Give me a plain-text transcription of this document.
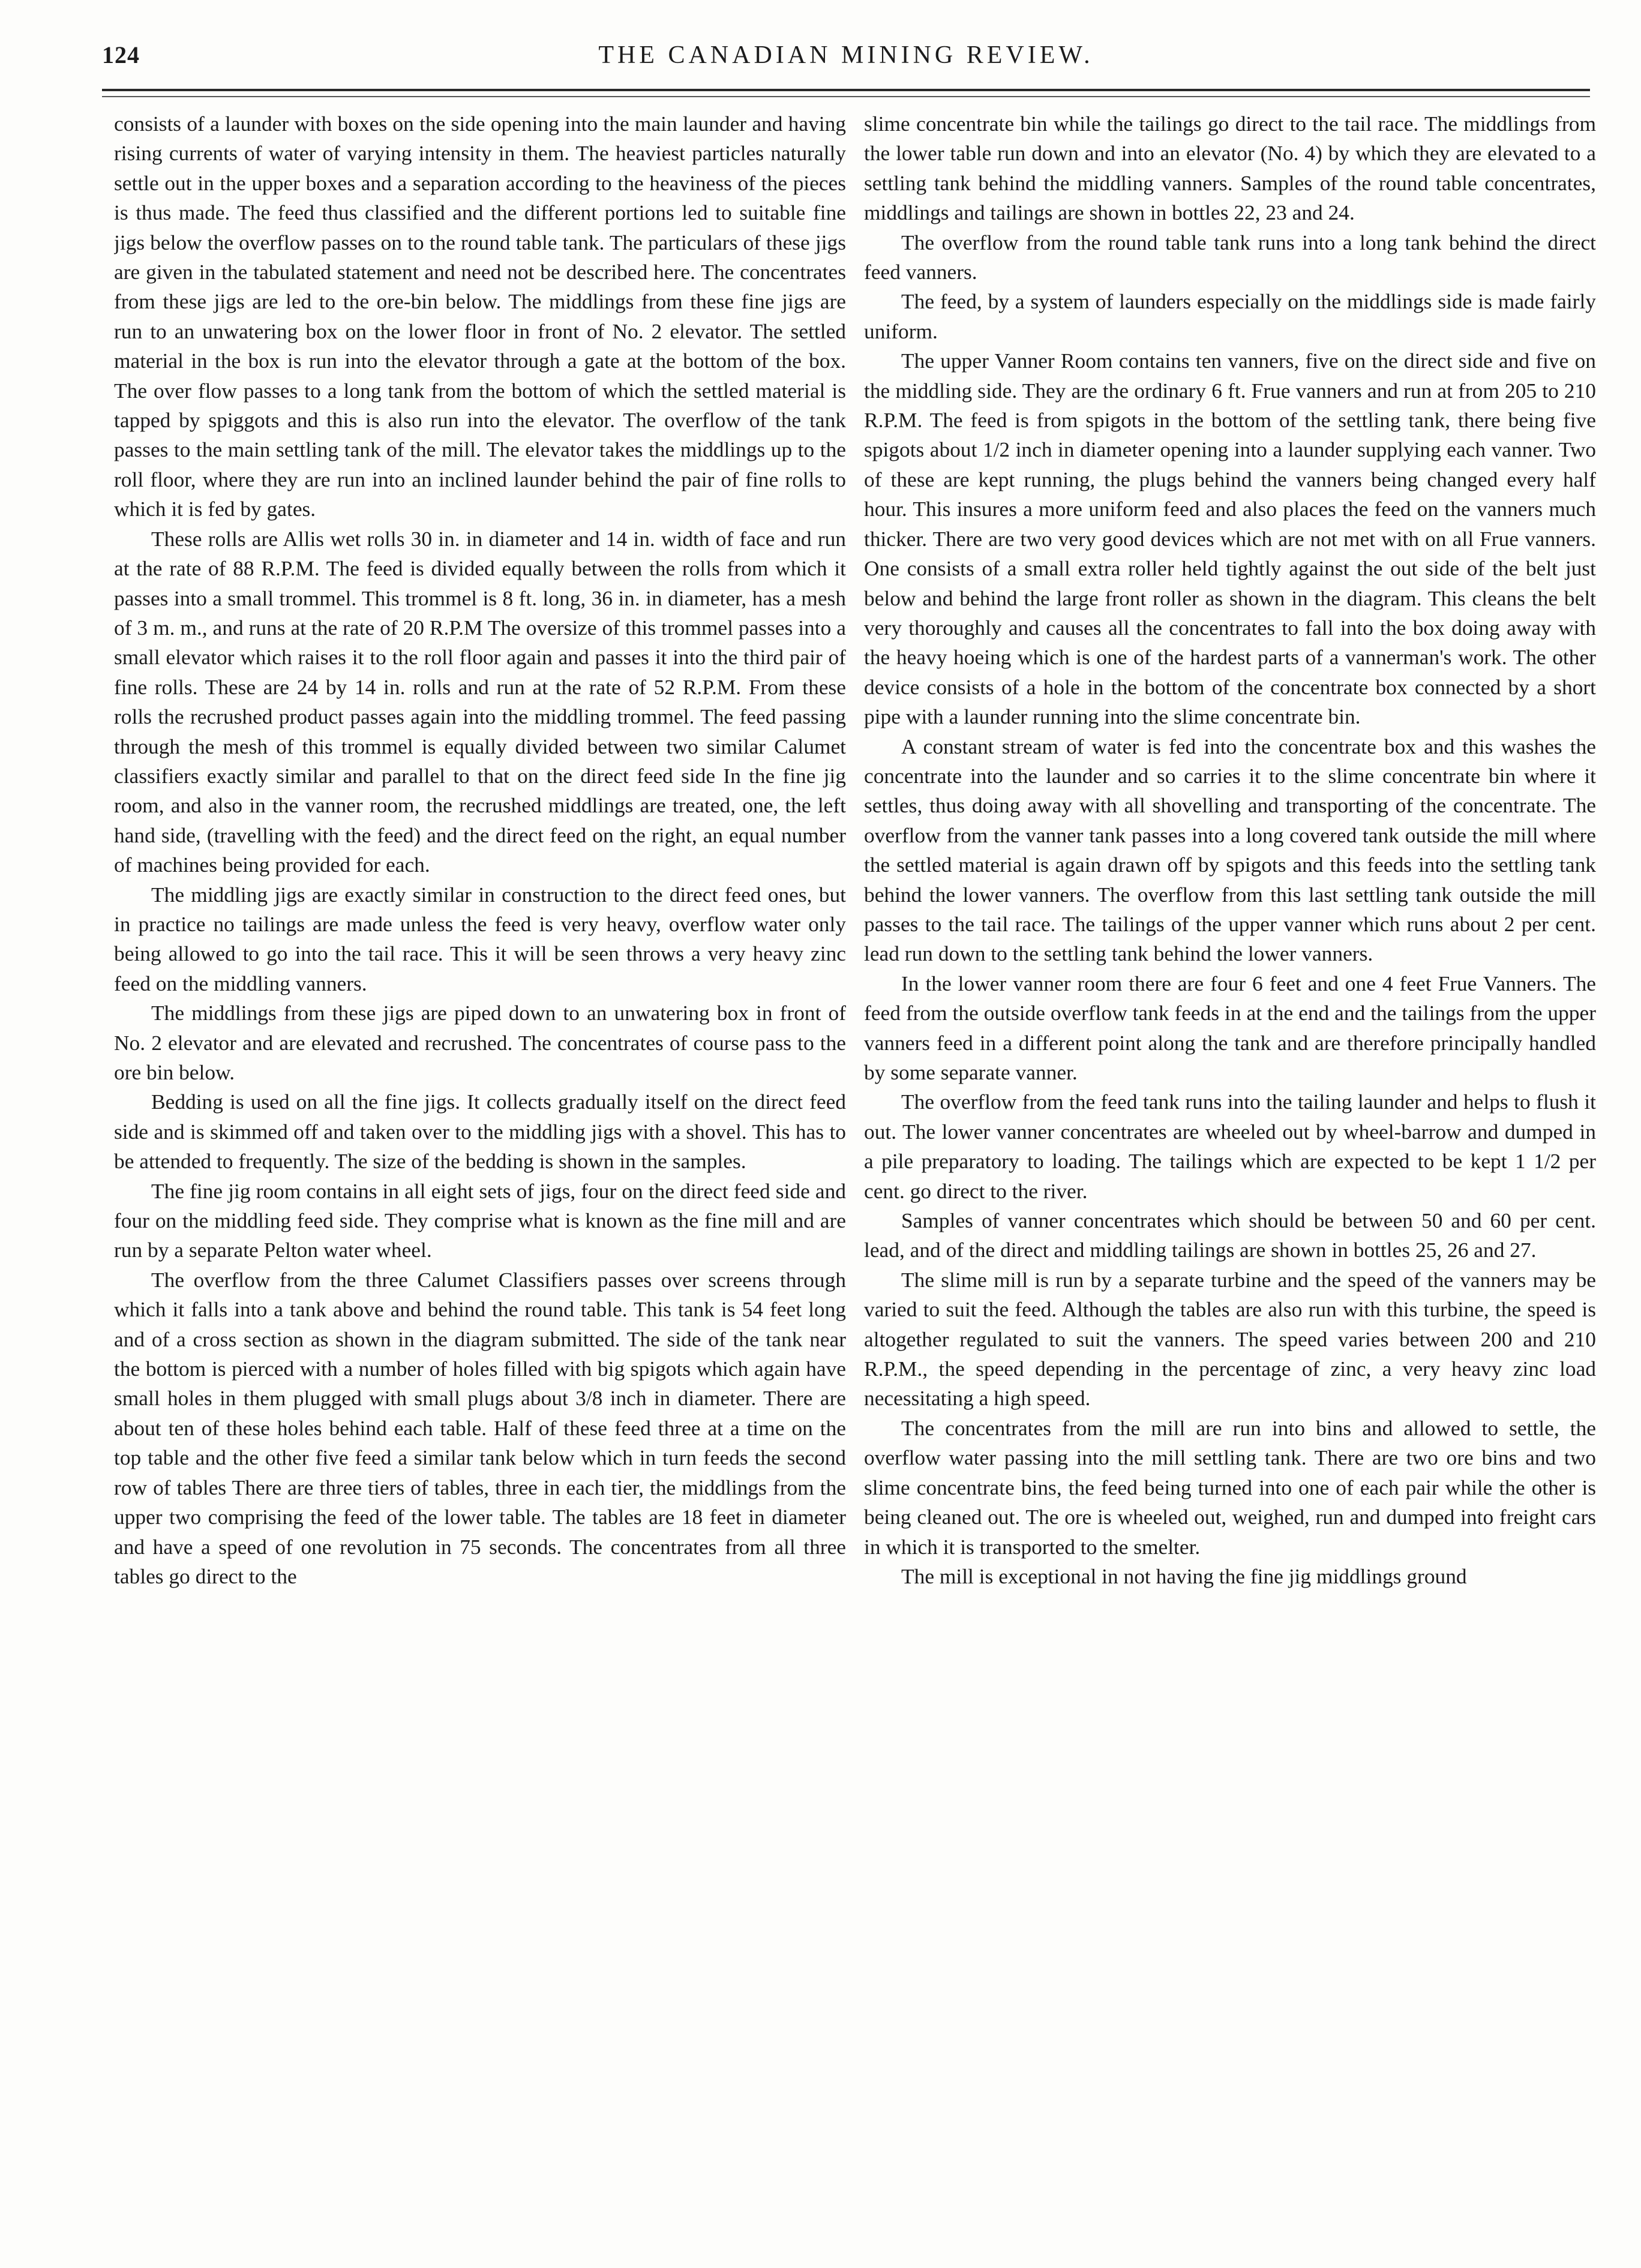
124	THE CANADIAN MINING REVIEW.

consists of a launder with boxes on the side opening into the main launder and having rising currents of water of varying intensity in them. The heaviest particles naturally settle out in the upper boxes and a separation according to the heaviness of the pieces is thus made. The feed thus classified and the different portions led to suitable fine jigs below the overflow passes on to the round table tank. The particulars of these jigs are given in the tabulated statement and need not be described here. The concentrates from these jigs are led to the ore-bin below. The middlings from these fine jigs are run to an unwatering box on the lower floor in front of No. 2 elevator. The settled material in the box is run into the elevator through a gate at the bottom of the box. The over flow passes to a long tank from the bottom of which the settled material is tapped by spiggots and this is also run into the elevator. The overflow of the tank passes to the main settling tank of the mill. The elevator takes the middlings up to the roll floor, where they are run into an inclined launder behind the pair of fine rolls to which it is fed by gates.

These rolls are Allis wet rolls 30 in. in diameter and 14 in. width of face and run at the rate of 88 R.P.M. The feed is divided equally between the rolls from which it passes into a small trommel. This trommel is 8 ft. long, 36 in. in diameter, has a mesh of 3 m. m., and runs at the rate of 20 R.P.M The oversize of this trommel passes into a small elevator which raises it to the roll floor again and passes it into the third pair of fine rolls. These are 24 by 14 in. rolls and run at the rate of 52 R.P.M. From these rolls the recrushed product passes again into the middling trommel. The feed passing through the mesh of this trommel is equally divided between two similar Calumet classifiers exactly similar and parallel to that on the direct feed side In the fine jig room, and also in the vanner room, the recrushed middlings are treated, one, the left hand side, (travelling with the feed) and the direct feed on the right, an equal number of machines being provided for each.

The middling jigs are exactly similar in construction to the direct feed ones, but in practice no tailings are made unless the feed is very heavy, overflow water only being allowed to go into the tail race. This it will be seen throws a very heavy zinc feed on the middling vanners.

The middlings from these jigs are piped down to an unwatering box in front of No. 2 elevator and are elevated and recrushed. The concentrates of course pass to the ore bin below.

Bedding is used on all the fine jigs. It collects gradually itself on the direct feed side and is skimmed off and taken over to the middling jigs with a shovel. This has to be attended to frequently. The size of the bedding is shown in the samples.

The fine jig room contains in all eight sets of jigs, four on the direct feed side and four on the middling feed side. They comprise what is known as the fine mill and are run by a separate Pelton water wheel.

The overflow from the three Calumet Classifiers passes over screens through which it falls into a tank above and behind the round table. This tank is 54 feet long and of a cross section as shown in the diagram submitted. The side of the tank near the bottom is pierced with a number of holes filled with big spigots which again have small holes in them plugged with small plugs about 3/8 inch in diameter. There are about ten of these holes behind each table. Half of these feed three at a time on the top table and the other five feed a similar tank below which in turn feeds the second row of tables There are three tiers of tables, three in each tier, the middlings from the upper two comprising the feed of the lower table. The tables are 18 feet in diameter and have a speed of one revolution in 75 seconds. The concentrates from all three tables go direct to the

slime concentrate bin while the tailings go direct to the tail race. The middlings from the lower table run down and into an elevator (No. 4) by which they are elevated to a settling tank behind the middling vanners. Samples of the round table concentrates, middlings and tailings are shown in bottles 22, 23 and 24.

The overflow from the round table tank runs into a long tank behind the direct feed vanners.

The feed, by a system of launders especially on the middlings side is made fairly uniform.

The upper Vanner Room contains ten vanners, five on the direct side and five on the middling side. They are the ordinary 6 ft. Frue vanners and run at from 205 to 210 R.P.M. The feed is from spigots in the bottom of the settling tank, there being five spigots about 1/2 inch in diameter opening into a launder supplying each vanner. Two of these are kept running, the plugs behind the vanners being changed every half hour. This insures a more uniform feed and also places the feed on the vanners much thicker. There are two very good devices which are not met with on all Frue vanners. One consists of a small extra roller held tightly against the out side of the belt just below and behind the large front roller as shown in the diagram. This cleans the belt very thoroughly and causes all the concentrates to fall into the box doing away with the heavy hoeing which is one of the hardest parts of a vannerman's work. The other device consists of a hole in the bottom of the concentrate box connected by a short pipe with a launder running into the slime concentrate bin.

A constant stream of water is fed into the concentrate box and this washes the concentrate into the launder and so carries it to the slime concentrate bin where it settles, thus doing away with all shovelling and transporting of the concentrate. The overflow from the vanner tank passes into a long covered tank outside the mill where the settled material is again drawn off by spigots and this feeds into the settling tank behind the lower vanners. The overflow from this last settling tank outside the mill passes to the tail race. The tailings of the upper vanner which runs about 2 per cent. lead run down to the settling tank behind the lower vanners.

In the lower vanner room there are four 6 feet and one 4 feet Frue Vanners. The feed from the outside overflow tank feeds in at the end and the tailings from the upper vanners feed in a different point along the tank and are therefore principally handled by some separate vanner.

The overflow from the feed tank runs into the tailing launder and helps to flush it out. The lower vanner concentrates are wheeled out by wheel-barrow and dumped in a pile preparatory to loading. The tailings which are expected to be kept 1 1/2 per cent. go direct to the river.

Samples of vanner concentrates which should be between 50 and 60 per cent. lead, and of the direct and middling tailings are shown in bottles 25, 26 and 27.

The slime mill is run by a separate turbine and the speed of the vanners may be varied to suit the feed. Although the tables are also run with this turbine, the speed is altogether regulated to suit the vanners. The speed varies between 200 and 210 R.P.M., the speed depending in the percentage of zinc, a very heavy zinc load necessitating a high speed.

The concentrates from the mill are run into bins and allowed to settle, the overflow water passing into the mill settling tank. There are two ore bins and two slime concentrate bins, the feed being turned into one of each pair while the other is being cleaned out. The ore is wheeled out, weighed, run and dumped into freight cars in which it is transported to the smelter.

The mill is exceptional in not having the fine jig middlings ground
